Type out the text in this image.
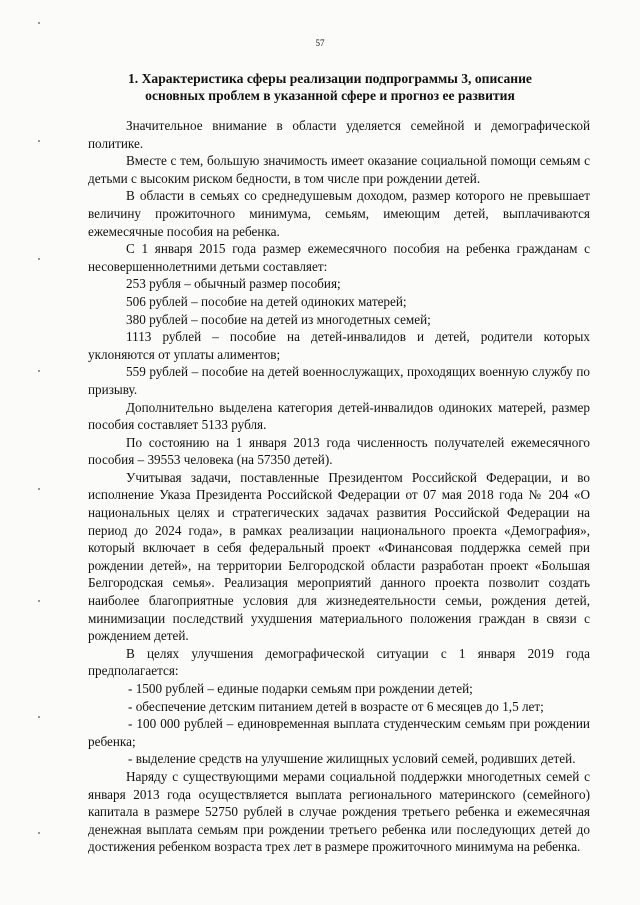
57
1. Характеристика сферы реализации подпрограммы 3, описание
основных проблем в указанной сфере и прогноз ее развития

Значительное внимание в области уделяется семейной и демографической политике.

Вместе с тем, большую значимость имеет оказание социальной помощи семьям с детьми с высоким риском бедности, в том числе при рождении детей.

В области в семьях со среднедушевым доходом, размер которого не превышает величину прожиточного минимума, семьям, имеющим детей, выплачиваются ежемесячные пособия на ребенка.

С 1 января 2015 года размер ежемесячного пособия на ребенка гражданам с несовершеннолетними детьми составляет:

253 рубля – обычный размер пособия;

506 рублей – пособие на детей одиноких матерей;

380 рублей – пособие на детей из многодетных семей;

1113 рублей – пособие на детей-инвалидов и детей, родители которых уклоняются от уплаты алиментов;

559 рублей – пособие на детей военнослужащих, проходящих военную службу по призыву.

Дополнительно выделена категория детей-инвалидов одиноких матерей, размер пособия составляет 5133 рубля.

По состоянию на 1 января 2013 года численность получателей ежемесячного пособия – 39553 человека (на 57350 детей).

Учитывая задачи, поставленные Президентом Российской Федерации, и во исполнение Указа Президента Российской Федерации от 07 мая 2018 года № 204 «О национальных целях и стратегических задачах развития Российской Федерации на период до 2024 года», в рамках реализации национального проекта «Демография», который включает в себя федеральный проект «Финансовая поддержка семей при рождении детей», на территории Белгородской области разработан проект «Большая Белгородская семья». Реализация мероприятий данного проекта позволит создать наиболее благоприятные условия для жизнедеятельности семьи, рождения детей, минимизации последствий ухудшения материального положения граждан в связи с рождением детей.

В целях улучшения демографической ситуации с 1 января 2019 года предполагается:

- 1500 рублей – единые подарки семьям при рождении детей;

- обеспечение детским питанием детей в возрасте от 6 месяцев до 1,5 лет;

- 100 000 рублей – единовременная выплата студенческим семьям при рождении ребенка;

- выделение средств на улучшение жилищных условий семей, родивших детей.

Наряду с существующими мерами социальной поддержки многодетных семей с января 2013 года осуществляется выплата регионального материнского (семейного) капитала в размере 52750 рублей в случае рождения третьего ребенка и ежемесячная денежная выплата семьям при рождении третьего ребенка или последующих детей до достижения ребенком возраста трех лет в размере прожиточного минимума на ребенка.
